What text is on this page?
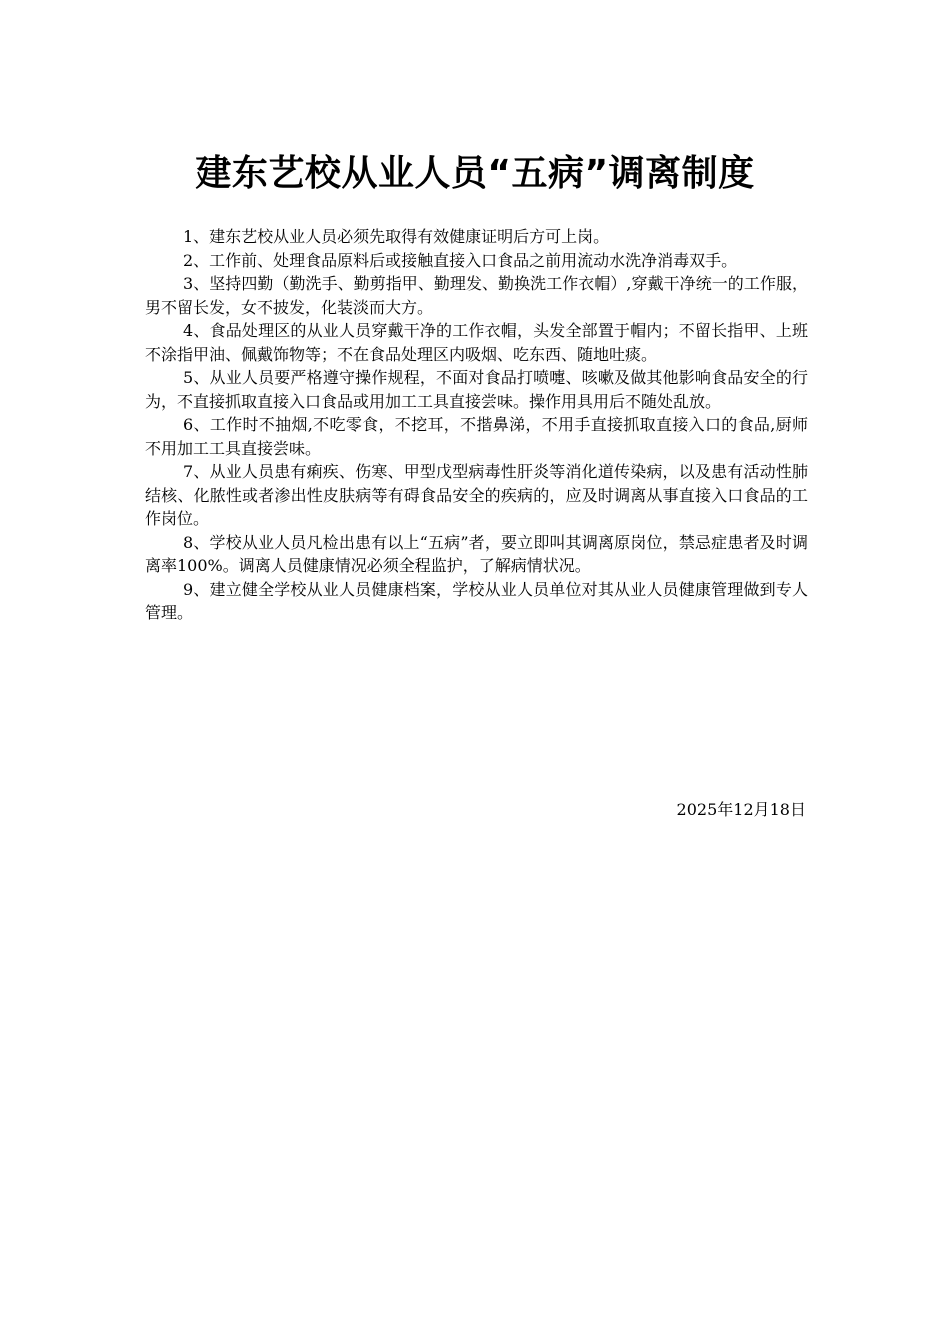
建东艺校从业人员“五病”调离制度

1、建东艺校从业人员必须先取得有效健康证明后方可上岗。

2、工作前、处理食品原料后或接触直接入口食品之前用流动水洗净消毒双手。

3、坚持四勤（勤洗手、勤剪指甲、勤理发、勤换洗工作衣帽）,穿戴干净统一的工作服，男不留长发，女不披发，化装淡而大方。

4、食品处理区的从业人员穿戴干净的工作衣帽，头发全部置于帽内；不留长指甲、上班不涂指甲油、佩戴饰物等；不在食品处理区内吸烟、吃东西、随地吐痰。

5、从业人员要严格遵守操作规程，不面对食品打喷嚏、咳嗽及做其他影响食品安全的行为，不直接抓取直接入口食品或用加工工具直接尝味。操作用具用后不随处乱放。

6、工作时不抽烟,不吃零食，不挖耳，不揩鼻涕，不用手直接抓取直接入口的食品,厨师不用加工工具直接尝味。

7、从业人员患有痢疾、伤寒、甲型戊型病毒性肝炎等消化道传染病，以及患有活动性肺结核、化脓性或者渗出性皮肤病等有碍食品安全的疾病的，应及时调离从事直接入口食品的工作岗位。

8、学校从业人员凡检出患有以上“五病”者，要立即叫其调离原岗位，禁忌症患者及时调离率100%。调离人员健康情况必须全程监护，了解病情状况。

9、建立健全学校从业人员健康档案，学校从业人员单位对其从业人员健康管理做到专人管理。

2025年12月18日
